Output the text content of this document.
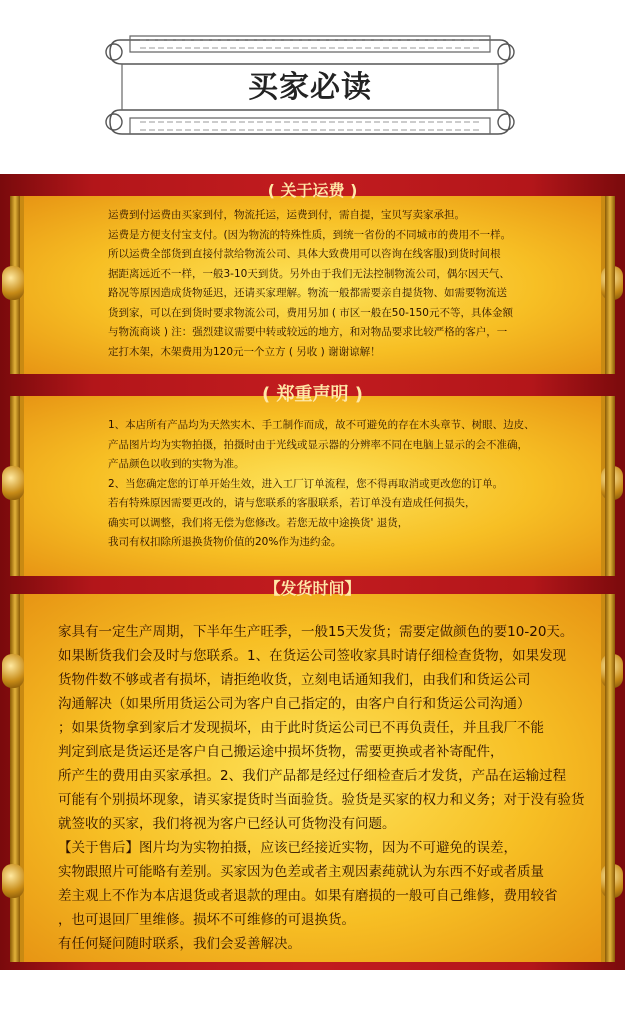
买家必读
( 关于运费 )

运费到付运费由买家到付，物流托运，运费到付，需自提，宝贝写卖家承担。

运费是方便支付宝支付。(因为物流的特殊性质，到统一省份的不同城市的费用不一样。

所以运费全部货到直接付款给物流公司、具体大致费用可以咨询在线客服)到货时间根

据距离远近不一样，一般3-10天到货。另外由于我们无法控制物流公司，偶尔因天气、

路况等原因造成货物延迟，还请买家理解。物流一般都需要亲自提货物、如需要物流送

货到家，可以在到货时要求物流公司，费用另加 ( 市区一般在50-150元不等，具体金额

与物流商谈 ) 注：强烈建议需要中转或较远的地方，和对物品要求比较严格的客户，一

定打木架，木架费用为120元一个立方 ( 另收 ) 谢谢谅解！

( 郑重声明 )

1、本店所有产品均为天然实木、手工制作而成，故不可避免的存在木头章节、树眼、边皮、

产品图片均为实物拍摄，拍摄时由于光线或显示器的分辨率不同在电脑上显示的会不准确，

产品颜色以收到的实物为准。

2、当您确定您的订单开始生效，进入工厂订单流程，您不得再取消或更改您的订单。

若有特殊原因需要更改的，请与您联系的客服联系，若订单没有造成任何损失，

确实可以调整，我们将无偿为您修改。若您无故中途换货' 退货，

我司有权扣除所退换货物价值的20%作为违约金。

【发货时间】

家具有一定生产周期，下半年生产旺季，一般15天发货；需要定做颜色的要10-20天。

如果断货我们会及时与您联系。1、在货运公司签收家具时请仔细检查货物，如果发现

货物件数不够或者有损坏，请拒绝收货，立刻电话通知我们，由我们和货运公司

沟通解决（如果所用货运公司为客户自己指定的，由客户自行和货运公司沟通）

；如果货物拿到家后才发现损坏，由于此时货运公司已不再负责任，并且我厂不能

判定到底是货运还是客户自己搬运途中损坏货物，需要更换或者补寄配件，

所产生的费用由买家承担。2、我们产品都是经过仔细检查后才发货，产品在运输过程

可能有个别损坏现象，请买家提货时当面验货。验货是买家的权力和义务；对于没有验货

就签收的买家，我们将视为客户已经认可货物没有问题。

【关于售后】图片均为实物拍摄，应该已经接近实物，因为不可避免的误差，

实物跟照片可能略有差别。买家因为色差或者主观因素莼就认为东西不好或者质量

差主观上不作为本店退货或者退款的理由。如果有磨损的一般可自己维修，费用较省

，也可退回厂里维修。损坏不可维修的可退换货。

有任何疑问随时联系，我们会妥善解决。
